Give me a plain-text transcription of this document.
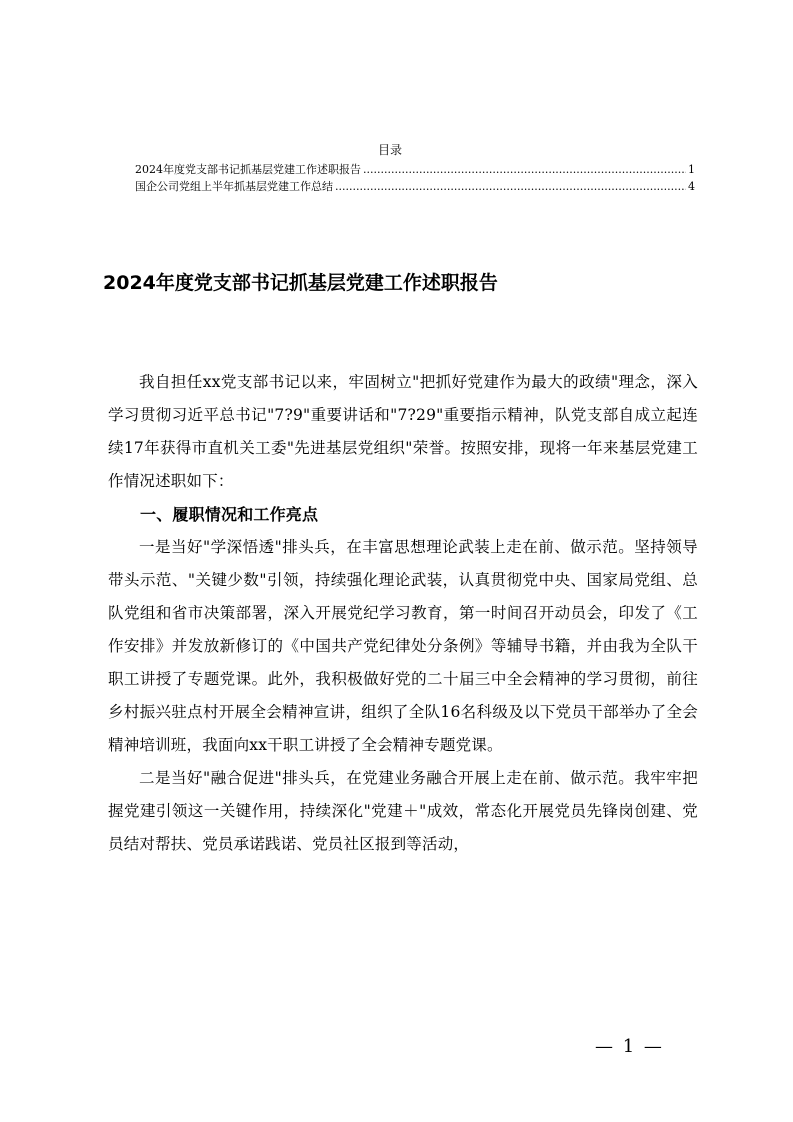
目录
2024年度党支部书记抓基层党建工作述职报告 .....	1
国企公司党组上半年抓基层党建工作总结 .....	4
2024年度党支部书记抓基层党建工作述职报告

我自担任xx党支部书记以来，牢固树立"把抓好党建作为最大的政绩"理念，深入学习贯彻习近平总书记"7?9"重要讲话和"7?29"重要指示精神，队党支部自成立起连续17年获得市直机关工委"先进基层党组织"荣誉。按照安排，现将一年来基层党建工作情况述职如下：

一、履职情况和工作亮点

一是当好"学深悟透"排头兵，在丰富思想理论武装上走在前、做示范。坚持领导带头示范、"关键少数"引领，持续强化理论武装，认真贯彻党中央、国家局党组、总队党组和省市决策部署，深入开展党纪学习教育，第一时间召开动员会，印发了《工作安排》并发放新修订的《中国共产党纪律处分条例》等辅导书籍，并由我为全队干职工讲授了专题党课。此外，我积极做好党的二十届三中全会精神的学习贯彻，前往乡村振兴驻点村开展全会精神宣讲，组织了全队16名科级及以下党员干部举办了全会精神培训班，我面向xx干职工讲授了全会精神专题党课。

二是当好"融合促进"排头兵，在党建业务融合开展上走在前、做示范。我牢牢把握党建引领这一关键作用，持续深化"党建＋"成效，常态化开展党员先锋岗创建、党员结对帮扶、党员承诺践诺、党员社区报到等活动，

— 1 —
